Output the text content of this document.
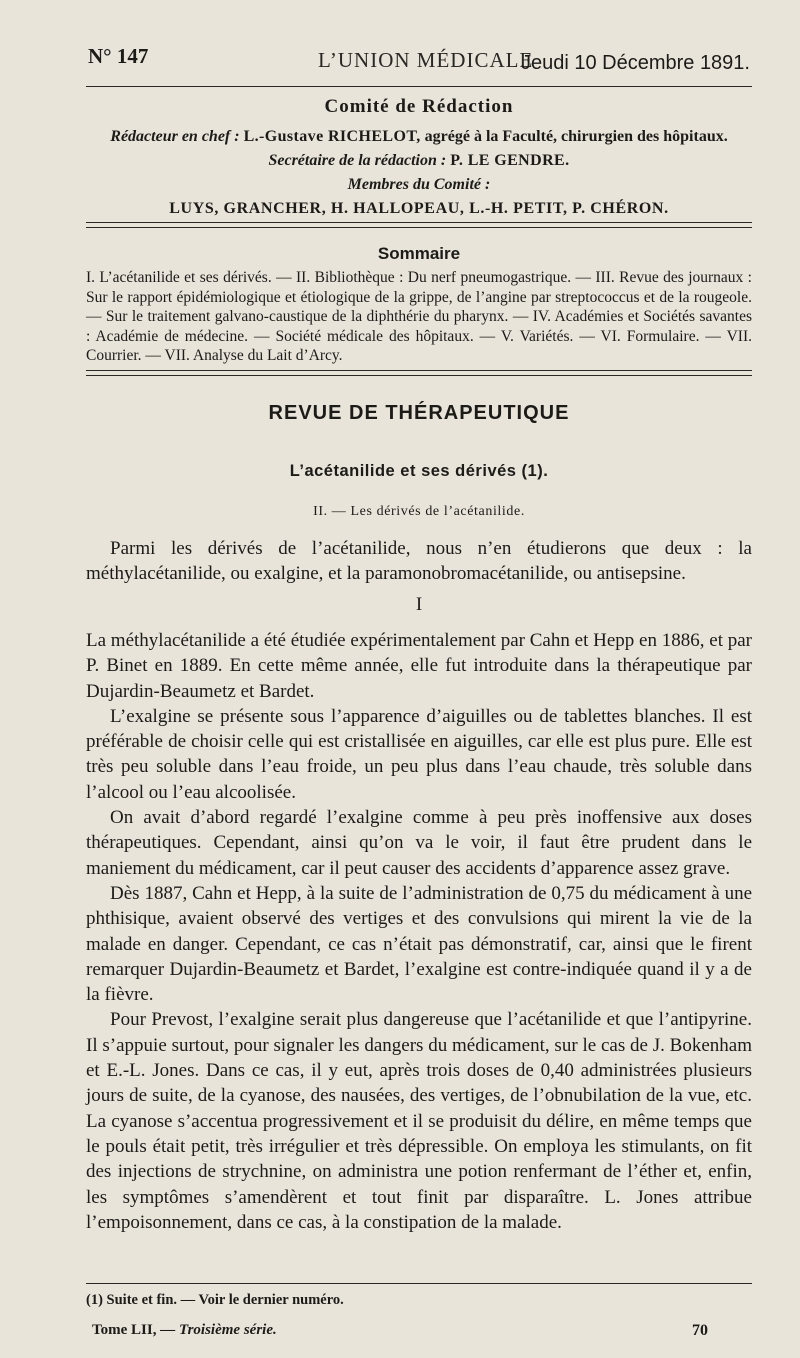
N° 147	L’UNION MÉDICALE
Jeudi 10 Décembre 1891.
Comité de Rédaction

Rédacteur en chef : L.-Gustave RICHELOT, agrégé à la Faculté, chirurgien des hôpitaux.

Secrétaire de la rédaction : P. LE GENDRE.

Membres du Comité :

LUYS, GRANCHER, H. HALLOPEAU, L.-H. PETIT, P. CHÉRON.

Sommaire

I. L’acétanilide et ses dérivés. — II. Bibliothèque : Du nerf pneumogastrique. — III. Revue des journaux : Sur le rapport épidémiologique et étiologique de la grippe, de l’angine par streptococcus et de la rougeole. — Sur le traitement galvano-caustique de la diphthérie du pharynx. — IV. Académies et Sociétés savantes : Académie de médecine. — Société médicale des hôpitaux. — V. Variétés. — VI. Formulaire. — VII. Courrier. — VII. Analyse du Lait d’Arcy.

REVUE DE THÉRAPEUTIQUE
L’acétanilide et ses dérivés (1).
II. — Les dérivés de l’acétanilide.

Parmi les dérivés de l’acétanilide, nous n’en étudierons que deux : la méthylacétanilide, ou exalgine, et la paramonobromacétanilide, ou antisepsine.

I

La méthylacétanilide a été étudiée expérimentalement par Cahn et Hepp en 1886, et par P. Binet en 1889. En cette même année, elle fut introduite dans la thérapeutique par Dujardin-Beaumetz et Bardet.

L’exalgine se présente sous l’apparence d’aiguilles ou de tablettes blanches. Il est préférable de choisir celle qui est cristallisée en aiguilles, car elle est plus pure. Elle est très peu soluble dans l’eau froide, un peu plus dans l’eau chaude, très soluble dans l’alcool ou l’eau alcoolisée.

On avait d’abord regardé l’exalgine comme à peu près inoffensive aux doses thérapeutiques. Cependant, ainsi qu’on va le voir, il faut être prudent dans le maniement du médicament, car il peut causer des accidents d’apparence assez grave.

Dès 1887, Cahn et Hepp, à la suite de l’administration de 0,75 du médicament à une phthisique, avaient observé des vertiges et des convulsions qui mirent la vie de la malade en danger. Cependant, ce cas n’était pas démonstratif, car, ainsi que le firent remarquer Dujardin-Beaumetz et Bardet, l’exalgine est contre-indiquée quand il y a de la fièvre.

Pour Prevost, l’exalgine serait plus dangereuse que l’acétanilide et que l’antipyrine. Il s’appuie surtout, pour signaler les dangers du médicament, sur le cas de J. Bokenham et E.-L. Jones. Dans ce cas, il y eut, après trois doses de 0,40 administrées plusieurs jours de suite, de la cyanose, des nausées, des vertiges, de l’obnubilation de la vue, etc. La cyanose s’accentua progressivement et il se produisit du délire, en même temps que le pouls était petit, très irrégulier et très dépressible. On employa les stimulants, on fit des injections de strychnine, on administra une potion renfermant de l’éther et, enfin, les symptômes s’amendèrent et tout finit par disparaître. L. Jones attribue l’empoisonnement, dans ce cas, à la constipation de la malade.

(1) Suite et fin. — Voir le dernier numéro.

Tome LII, — Troisième série.	70
